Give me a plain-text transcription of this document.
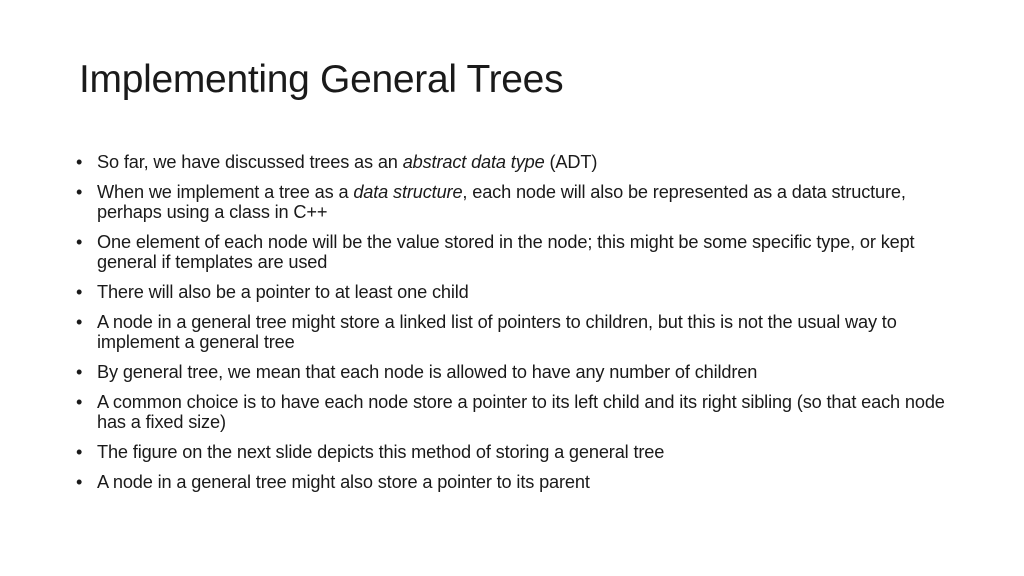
Implementing General Trees
• So far, we have discussed trees as an abstract data type (ADT)
• When we implement a tree as a data structure, each node will also be represented as a data structure, perhaps using a class in C++
• One element of each node will be the value stored in the node; this might be some specific type, or kept general if templates are used
• There will also be a pointer to at least one child
• A node in a general tree might store a linked list of pointers to children, but this is not the usual way to implement a general tree
• By general tree, we mean that each node is allowed to have any number of children
• A common choice is to have each node store a pointer to its left child and its right sibling (so that each node has a fixed size)
• The figure on the next slide depicts this method of storing a general tree
• A node in a general tree might also store a pointer to its parent
